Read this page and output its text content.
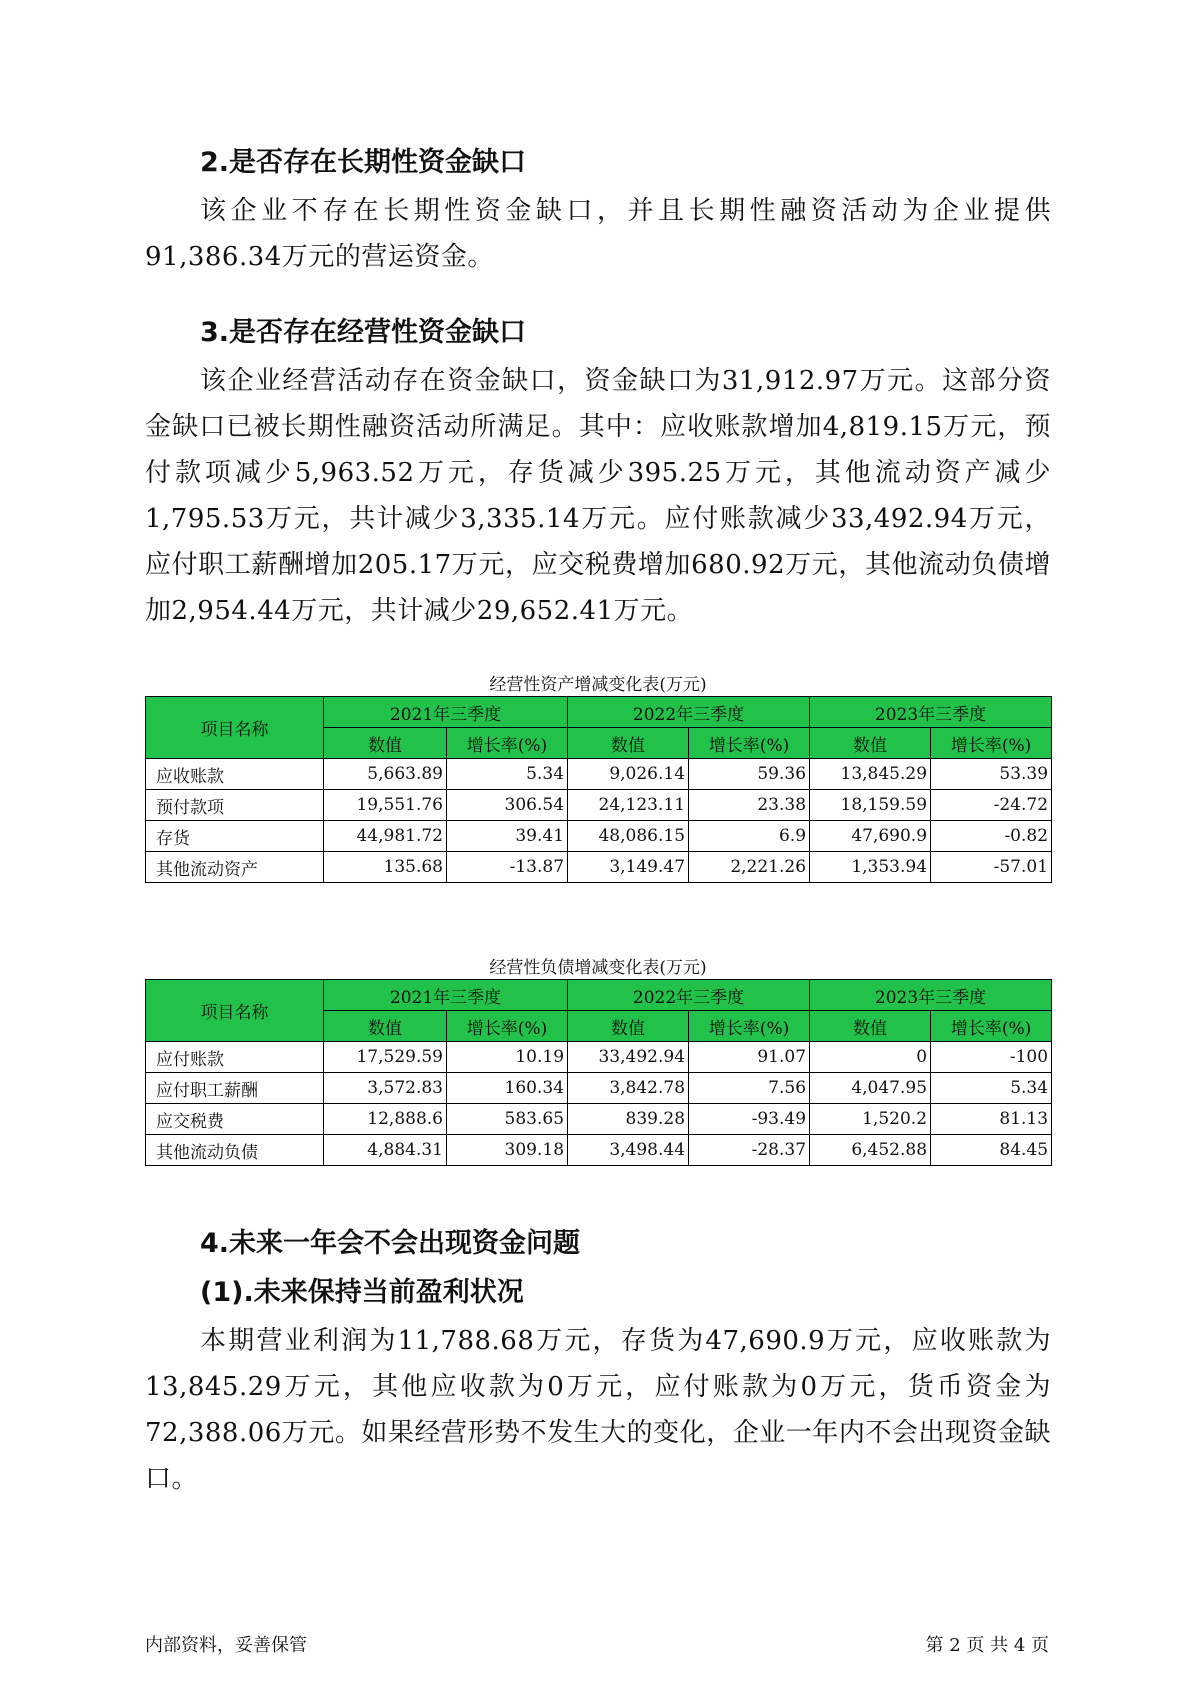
2.是否存在长期性资金缺口

该企业不存在长期性资金缺口，并且长期性融资活动为企业提供91,386.34万元的营运资金。

3.是否存在经营性资金缺口

该企业经营活动存在资金缺口，资金缺口为31,912.97万元。这部分资金缺口已被长期性融资活动所满足。其中：应收账款增加4,819.15万元，预付款项减少5,963.52万元，存货减少395.25万元，其他流动资产减少1,795.53万元，共计减少3,335.14万元。应付账款减少33,492.94万元，应付职工薪酬增加205.17万元，应交税费增加680.92万元，其他流动负债增加2,954.44万元，共计减少29,652.41万元。

经营性资产增减变化表(万元)
项目名称	2021年三季度		2022年三季度		2023年三季度	
	数值	增长率(%)	数值	增长率(%)	数值	增长率(%)
应收账款	5,663.89	5.34	9,026.14	59.36	13,845.29	53.39
预付款项	19,551.76	306.54	24,123.11	23.38	18,159.59	-24.72
存货	44,981.72	39.41	48,086.15	6.9	47,690.9	-0.82
其他流动资产	135.68	-13.87	3,149.47	2,221.26	1,353.94	-57.01
经营性负债增减变化表(万元)
项目名称	2021年三季度		2022年三季度		2023年三季度	
	数值	增长率(%)	数值	增长率(%)	数值	增长率(%)
应付账款	17,529.59	10.19	33,492.94	91.07	0	-100
应付职工薪酬	3,572.83	160.34	3,842.78	7.56	4,047.95	5.34
应交税费	12,888.6	583.65	839.28	-93.49	1,520.2	81.13
其他流动负债	4,884.31	309.18	3,498.44	-28.37	6,452.88	84.45
4.未来一年会不会出现资金问题
(1).未来保持当前盈利状况

本期营业利润为11,788.68万元，存货为47,690.9万元，应收账款为13,845.29万元，其他应收款为0万元，应付账款为0万元，货币资金为72,388.06万元。如果经营形势不发生大的变化，企业一年内不会出现资金缺口。

内部资料，妥善保管	第 2 页 共 4 页
